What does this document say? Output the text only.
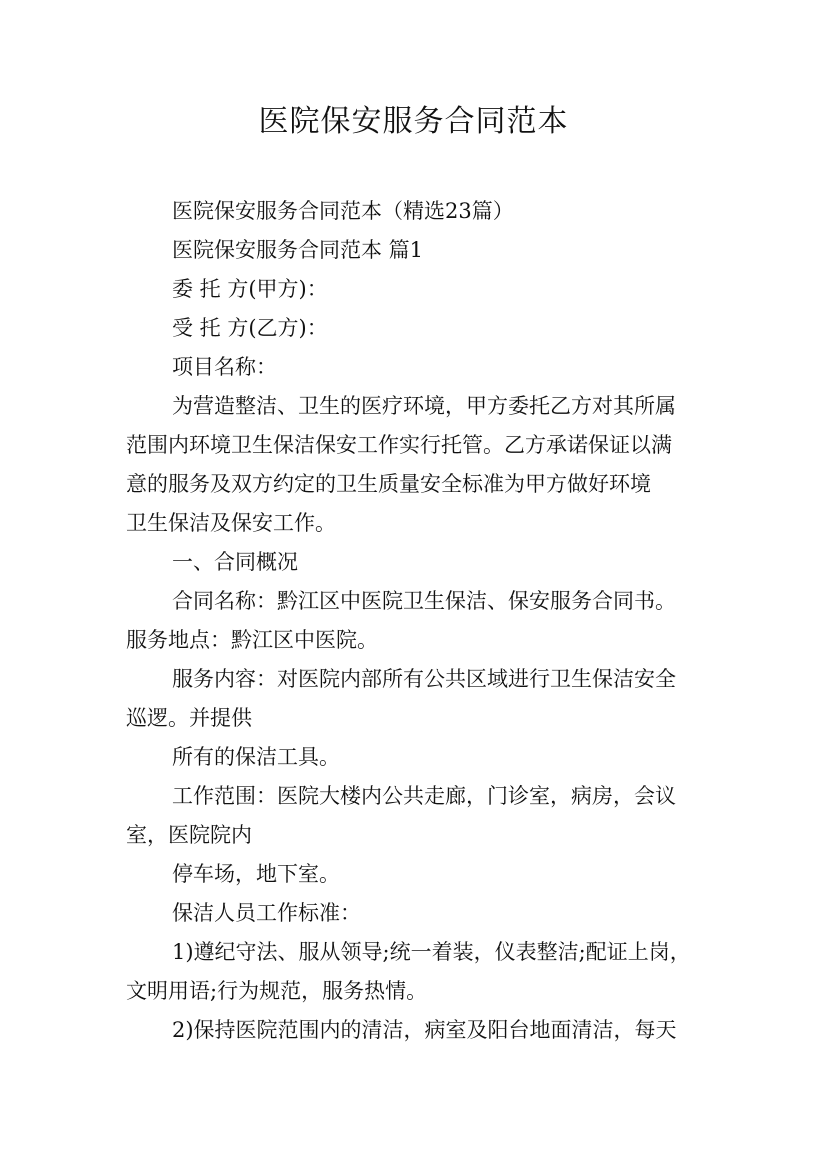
医院保安服务合同范本

医院保安服务合同范本（精选23篇）

医院保安服务合同范本 篇1

委 托 方(甲方)：

受 托 方(乙方)：

项目名称：

为营造整洁、卫生的医疗环境，甲方委托乙方对其所属

范围内环境卫生保洁保安工作实行托管。乙方承诺保证以满

意的服务及双方约定的卫生质量安全标准为甲方做好环境

卫生保洁及保安工作。

一、合同概况

合同名称：黔江区中医院卫生保洁、保安服务合同书。

服务地点：黔江区中医院。

服务内容：对医院内部所有公共区域进行卫生保洁安全

巡逻。并提供

所有的保洁工具。

工作范围：医院大楼内公共走廊，门诊室，病房，会议

室，医院院内

停车场，地下室。

保洁人员工作标准：

1)遵纪守法、服从领导;统一着装，仪表整洁;配证上岗，

文明用语;行为规范，服务热情。

2)保持医院范围内的清洁，病室及阳台地面清洁，每天
